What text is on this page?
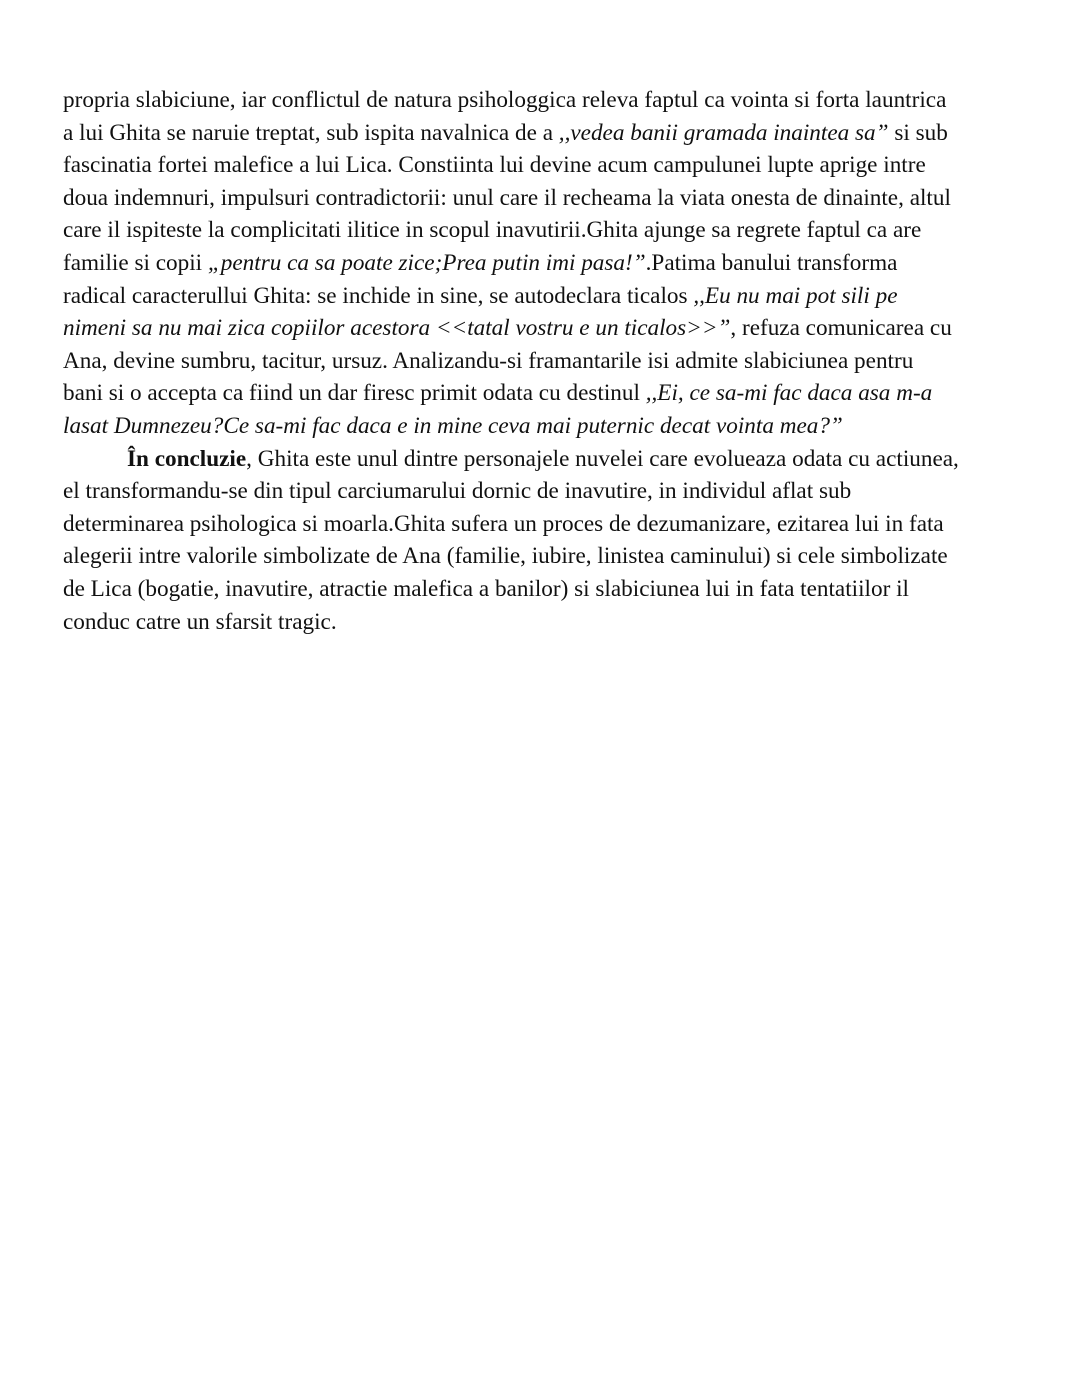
propria slabiciune, iar conflictul de natura psihologgica releva faptul ca vointa si forta launtrica
a lui Ghita se naruie treptat, sub ispita navalnica de a ,,vedea banii gramada inaintea sa” si sub
fascinatia fortei malefice a lui Lica. Constiinta lui devine acum campulunei lupte aprige intre
doua indemnuri, impulsuri contradictorii: unul care il recheama la viata onesta de dinainte, altul
care il ispiteste la complicitati ilitice in scopul inavutirii.Ghita ajunge sa regrete faptul ca are
familie si copii „pentru ca sa poate zice;Prea putin imi pasa!”.Patima banului transforma
radical caracterullui Ghita: se inchide in sine, se autodeclara ticalos ,,Eu nu mai pot sili pe
nimeni sa nu mai zica copiilor acestora <<tatal vostru e un ticalos>>”, refuza comunicarea cu
Ana, devine sumbru, tacitur, ursuz. Analizandu-si framantarile isi admite slabiciunea pentru
bani si o accepta ca fiind un dar firesc primit odata cu destinul ,,Ei, ce sa-mi fac daca asa m-a
lasat Dumnezeu?Ce sa-mi fac daca e in mine ceva mai puternic decat vointa mea?”
În concluzie, Ghita este unul dintre personajele nuvelei care evolueaza odata cu actiunea,
el transformandu-se din tipul carciumarului dornic de inavutire, in individul aflat sub
determinarea psihologica si moarla.Ghita sufera un proces de dezumanizare, ezitarea lui in fata
alegerii intre valorile simbolizate de Ana (familie, iubire, linistea caminului) si cele simbolizate
de Lica (bogatie, inavutire, atractie malefica a banilor) si slabiciunea lui in fata tentatiilor il
conduc catre un sfarsit tragic.
